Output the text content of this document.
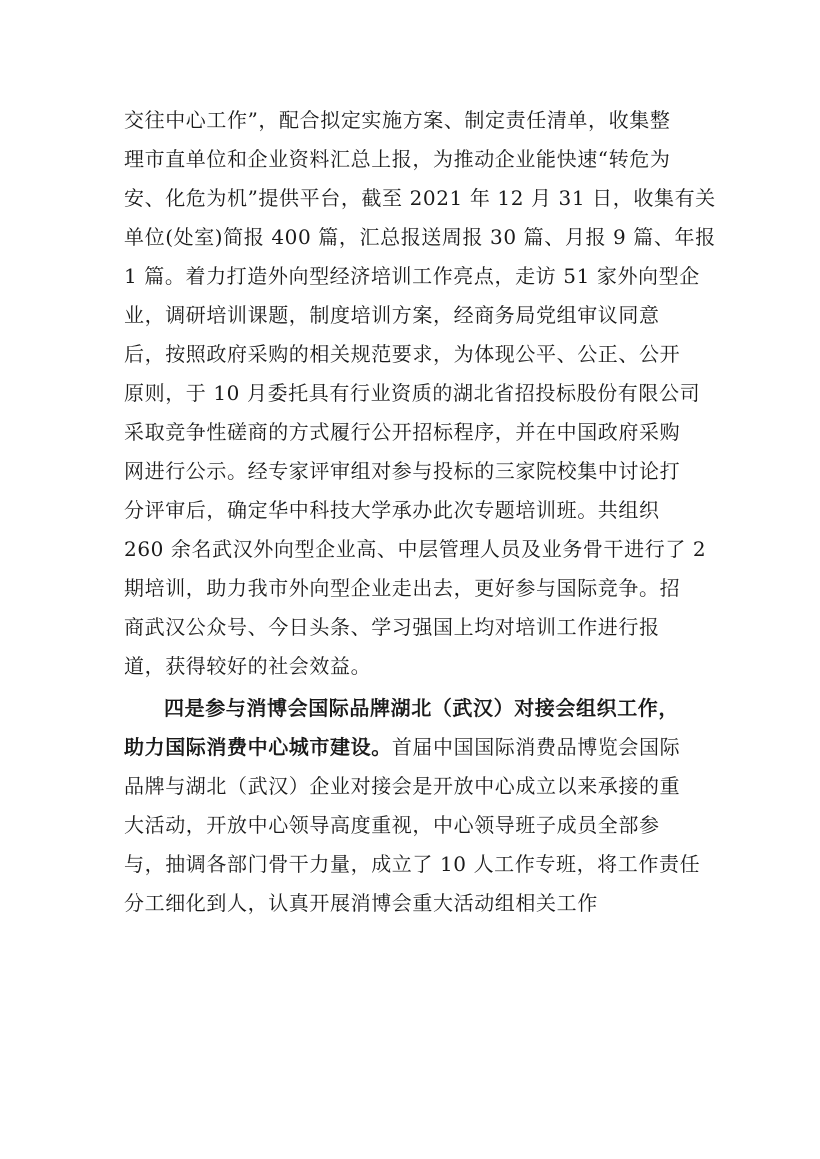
交往中心工作”，配合拟定实施方案、制定责任清单，收集整
理市直单位和企业资料汇总上报，为推动企业能快速“转危为
安、化危为机”提供平台，截至 2021 年 12 月 31 日，收集有关
单位(处室)简报 400 篇，汇总报送周报 30 篇、月报 9 篇、年报
1 篇。着力打造外向型经济培训工作亮点，走访 51 家外向型企
业，调研培训课题，制度培训方案，经商务局党组审议同意
后，按照政府采购的相关规范要求，为体现公平、公正、公开
原则，于 10 月委托具有行业资质的湖北省招投标股份有限公司
采取竞争性磋商的方式履行公开招标程序，并在中国政府采购
网进行公示。经专家评审组对参与投标的三家院校集中讨论打
分评审后，确定华中科技大学承办此次专题培训班。共组织
260 余名武汉外向型企业高、中层管理人员及业务骨干进行了 2
期培训，助力我市外向型企业走出去，更好参与国际竞争。招
商武汉公众号、今日头条、学习强国上均对培训工作进行报
道，获得较好的社会效益。
四是参与消博会国际品牌湖北（武汉）对接会组织工作，
助力国际消费中心城市建设。首届中国国际消费品博览会国际
品牌与湖北（武汉）企业对接会是开放中心成立以来承接的重
大活动，开放中心领导高度重视，中心领导班子成员全部参
与，抽调各部门骨干力量，成立了 10 人工作专班，将工作责任
分工细化到人，认真开展消博会重大活动组相关工作
